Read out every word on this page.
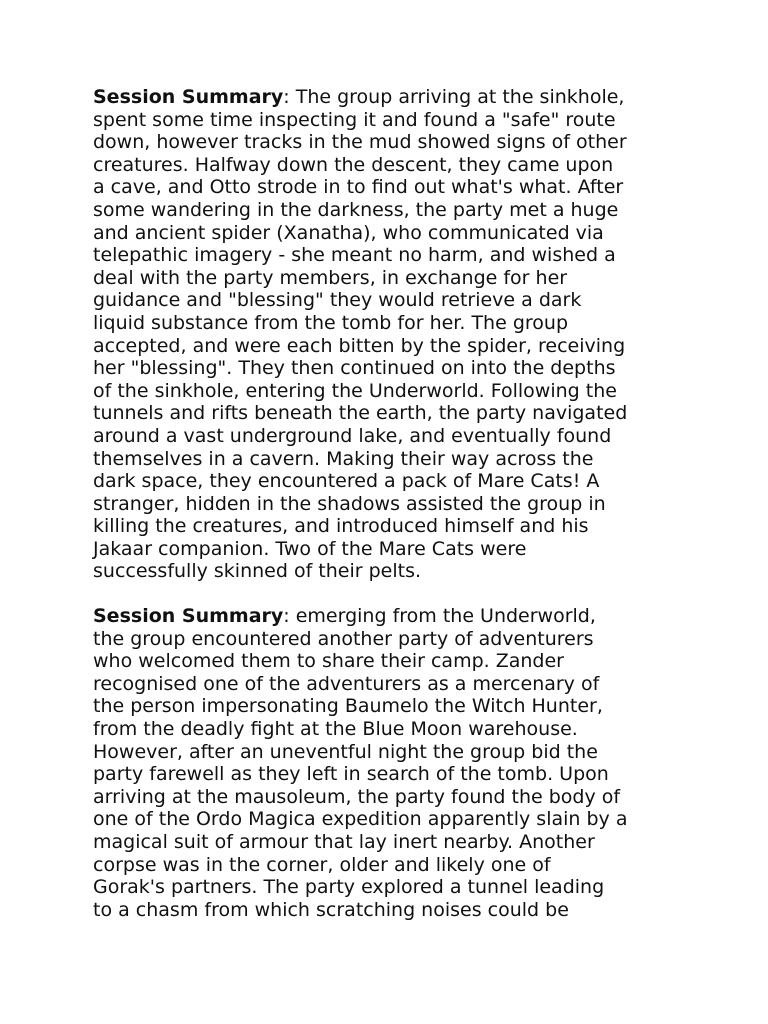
Session Summary: The group arriving at the sinkhole,
spent some time inspecting it and found a "safe" route
down, however tracks in the mud showed signs of other
creatures. Halfway down the descent, they came upon
a cave, and Otto strode in to find out what's what. After
some wandering in the darkness, the party met a huge
and ancient spider (Xanatha), who communicated via
telepathic imagery - she meant no harm, and wished a
deal with the party members, in exchange for her
guidance and "blessing" they would retrieve a dark
liquid substance from the tomb for her. The group
accepted, and were each bitten by the spider, receiving
her "blessing". They then continued on into the depths
of the sinkhole, entering the Underworld. Following the
tunnels and rifts beneath the earth, the party navigated
around a vast underground lake, and eventually found
themselves in a cavern. Making their way across the
dark space, they encountered a pack of Mare Cats! A
stranger, hidden in the shadows assisted the group in
killing the creatures, and introduced himself and his
Jakaar companion. Two of the Mare Cats were
successfully skinned of their pelts.
Session Summary: emerging from the Underworld,
the group encountered another party of adventurers
who welcomed them to share their camp. Zander
recognised one of the adventurers as a mercenary of
the person impersonating Baumelo the Witch Hunter,
from the deadly fight at the Blue Moon warehouse.
However, after an uneventful night the group bid the
party farewell as they left in search of the tomb. Upon
arriving at the mausoleum, the party found the body of
one of the Ordo Magica expedition apparently slain by a
magical suit of armour that lay inert nearby. Another
corpse was in the corner, older and likely one of
Gorak's partners. The party explored a tunnel leading
to a chasm from which scratching noises could be
